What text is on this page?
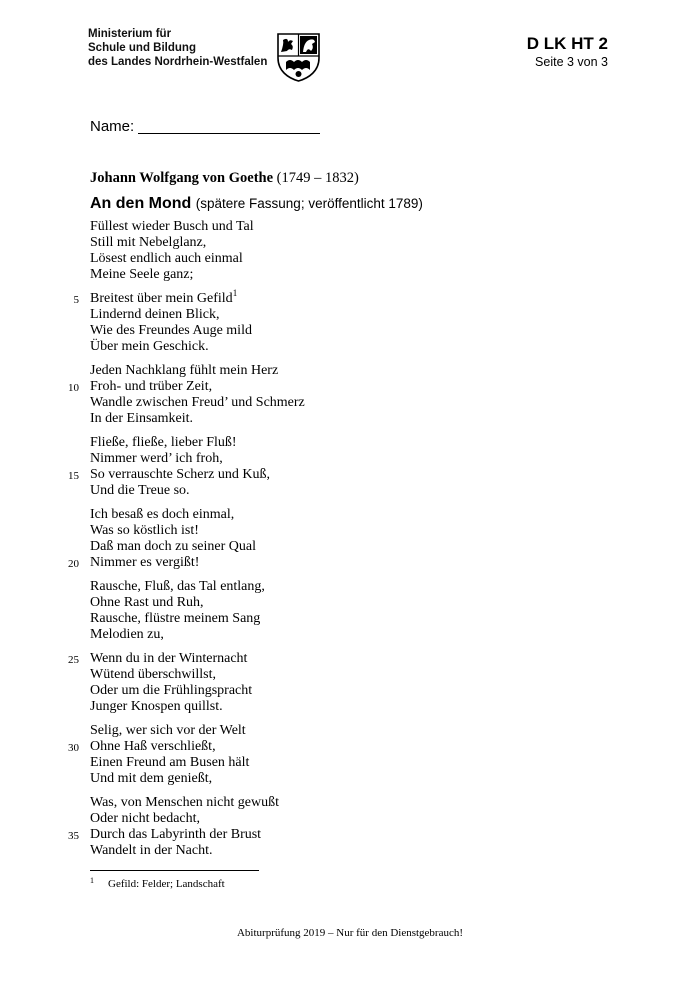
Ministerium für
Schule und Bildung
des Landes Nordrhein-Westfalen
D LK HT 2
Seite 3 von 3
Name:
Johann Wolfgang von Goethe (1749 – 1832)
An den Mond (spätere Fassung; veröffentlicht 1789)
Füllest wieder Busch und Tal
Still mit Nebelglanz,
Lösest endlich auch einmal
Meine Seele ganz;
5 Breitest über mein Gefild$^1$
Lindernd deinen Blick,
Wie des Freundes Auge mild
Über mein Geschick.
Jeden Nachklang fühlt mein Herz
10 Froh- und trüber Zeit,
Wandle zwischen Freud’ und Schmerz
In der Einsamkeit.
Fließe, fließe, lieber Fluß!
Nimmer werd’ ich froh,
15 So verrauschte Scherz und Kuß,
Und die Treue so.
Ich besaß es doch einmal,
Was so köstlich ist!
Daß man doch zu seiner Qual
20 Nimmer es vergißt!
Rausche, Fluß, das Tal entlang,
Ohne Rast und Ruh,
Rausche, flüstre meinem Sang
Melodien zu,
25 Wenn du in der Winternacht
Wütend überschwillst,
Oder um die Frühlingspracht
Junger Knospen quillst.
Selig, wer sich vor der Welt
30 Ohne Haß verschließt,
Einen Freund am Busen hält
Und mit dem genießt,
Was, von Menschen nicht gewußt
Oder nicht bedacht,
35 Durch das Labyrinth der Brust
Wandelt in der Nacht.
1 Gefild: Felder; Landschaft
Abiturprüfung 2019 – Nur für den Dienstgebrauch!
